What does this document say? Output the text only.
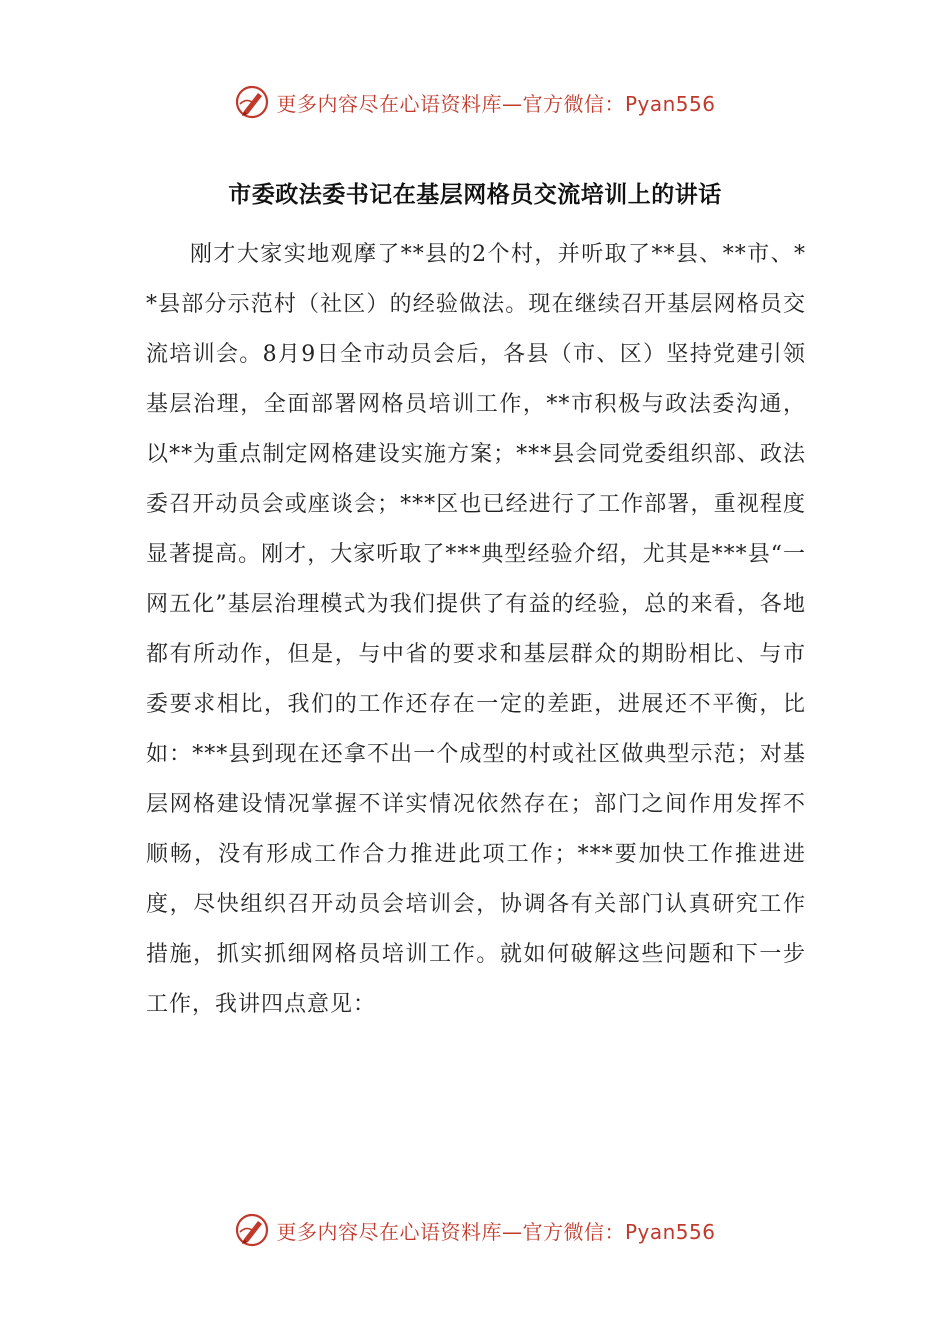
更多内容尽在心语资料库—官方微信：Pyan556
市委政法委书记在基层网格员交流培训上的讲话

刚才大家实地观摩了**县的2个村，并听取了**县、**市、**县部分示范村（社区）的经验做法。现在继续召开基层网格员交流培训会。8月9日全市动员会后，各县（市、区）坚持党建引领基层治理，全面部署网格员培训工作，**市积极与政法委沟通，以**为重点制定网格建设实施方案；***县会同党委组织部、政法委召开动员会或座谈会；***区也已经进行了工作部署，重视程度显著提高。刚才，大家听取了***典型经验介绍，尤其是***县“一网五化”基层治理模式为我们提供了有益的经验，总的来看，各地都有所动作，但是，与中省的要求和基层群众的期盼相比、与市委要求相比，我们的工作还存在一定的差距，进展还不平衡，比如：***县到现在还拿不出一个成型的村或社区做典型示范；对基层网格建设情况掌握不详实情况依然存在；部门之间作用发挥不顺畅，没有形成工作合力推进此项工作；***要加快工作推进进度，尽快组织召开动员会培训会，协调各有关部门认真研究工作措施，抓实抓细网格员培训工作。就如何破解这些问题和下一步工作，我讲四点意见：

更多内容尽在心语资料库—官方微信：Pyan556
